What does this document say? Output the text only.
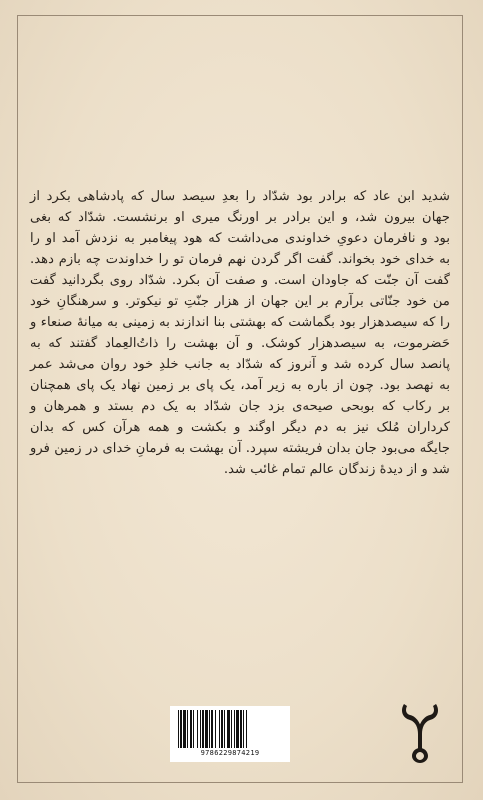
شدید ابن عاد که برادر بود شدّاد را بعدِ سیصد سال که پادشاهی بکرد از
جهان بیرون شد، و این برادر بر اورنگ میری او برنشست. شدّاد که بغی
بود و نافرمان دعویِ خداوندی می‌داشت که هود پیغامبر به نزدش آمد او را
به خدای خود بخواند. گفت اگر گردن نهم فرمان تو را خداوندت چه بازم دهد.
گفت آن جنّت که جاودان است. و صفت آن بکرد. شدّاد روی بگردانید گفت
من خود جنّاتی برآرم بر این جهان از هزار جنّتِ تو نیکوتر. و سرهنگانِ خود
را که سیصدهزار بود بگماشت که بهشتی بنا اندازند به زمینی به میانهٔ صنعاء و
حَضرموت، به سیصدهزار کوشک. و آن بهشت را ذاتُ‌العِماد گفتند که به
پانصد سال کرده شد و آنروز که شدّاد به جانب خلدِ خود روان می‌شد عمر
به نهصد بود. چون از باره به زیر آمد، یک پای بر زمین نهاد یک پای همچنان
بر رکاب که بوبحی صیحه‌ی بزد جان شدّاد به یک دم بستد و همرهان و
کرداران مُلک نیز به دم دیگر اوگند و بکشت و همه هرآن کس که بدان
جایگه می‌بود جان بدان فریشته سپرد. آن بهشت به فرمانِ خدای در زمین فرو
شد و از دیدهٔ زندگان عالم تمام غائب شد.
9786229874219
